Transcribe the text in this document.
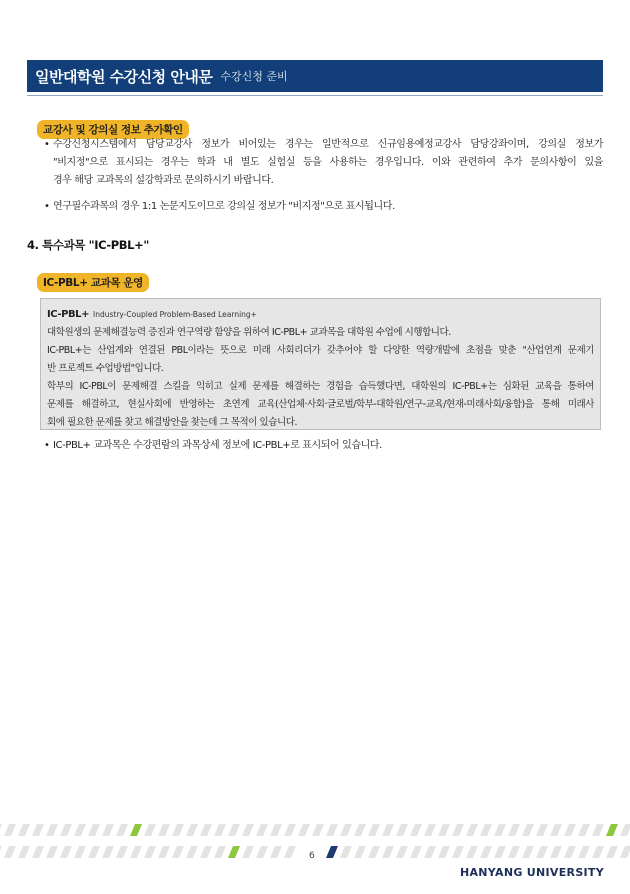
일반대학원 수강신청 안내문 수강신청 준비
교강사 및 강의실 정보 추가확인
• 수강신청시스템에서 담당교강사 정보가 비어있는 경우는 일반적으로 신규임용예정교강사 담당강좌이며, 강의실 정보가
"비지정"으로 표시되는 경우는 학과 내 별도 실험실 등을 사용하는 경우입니다. 이와 관련하여 추가 문의사항이 있을
경우 해당 교과목의 설강학과로 문의하시기 바랍니다.
• 연구필수과목의 경우 1:1 논문지도이므로 강의실 정보가 "비지정"으로 표시됩니다.
4. 특수과목 "IC-PBL+"
IC-PBL+ 교과목 운영
IC-PBL+ Industry-Coupled Problem-Based Learning+
대학원생의 문제해결능력 증진과 연구역량 함양을 위하여 IC-PBL+ 교과목을 대학원 수업에 시행합니다.
IC-PBL+는 산업계와 연결된 PBL이라는 뜻으로 미래 사회리더가 갖추어야 할 다양한 역량개발에 초점을 맞춘 "산업연계 문제기
반 프로젝트 수업방법"입니다.
학부의 IC-PBL이 문제해결 스킬을 익히고 실제 문제를 해결하는 경험을 습득했다면, 대학원의 IC-PBL+는 심화된 교육을 통하여
문제를 해결하고, 현실사회에 반영하는 초연계 교육(산업체·사회·글로벌/학부-대학원/연구-교육/현재-미래사회/융합)을 통해 미래사
회에 필요한 문제를 찾고 해결방안을 찾는데 그 목적이 있습니다.
• IC-PBL+ 교과목은 수강편람의 과목상세 정보에 IC-PBL+로 표시되어 있습니다.
6
HANYANG UNIVERSITY
